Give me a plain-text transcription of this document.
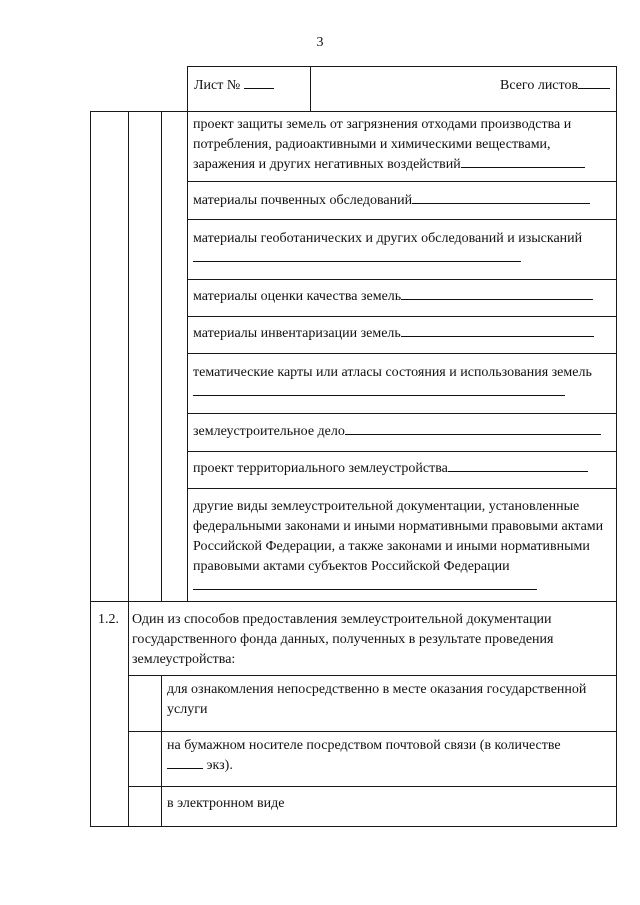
3
Лист №	Всего листов
проект защиты земель от загрязнения отходами производства и потребления, радиоактивными и химическими веществами, заражения и других негативных воздействий
материалы почвенных обследований
материалы геоботанических и других обследований и изысканий
материалы оценки качества земель
материалы инвентаризации земель
тематические карты или атласы состояния и использования земель
землеустроительное дело
проект территориального землеустройства
другие виды землеустроительной документации, установленные федеральными законами и иными нормативными правовыми актами Российской Федерации, а также законами и иными нормативными правовыми актами субъектов Российской Федерации
1.2. Один из способов предоставления землеустроительной документации государственного фонда данных, полученных в результате проведения землеустройства:
для ознакомления непосредственно в месте оказания государственной услуги
на бумажном носителе посредством почтовой связи (в количестве
экз).
в электронном виде
